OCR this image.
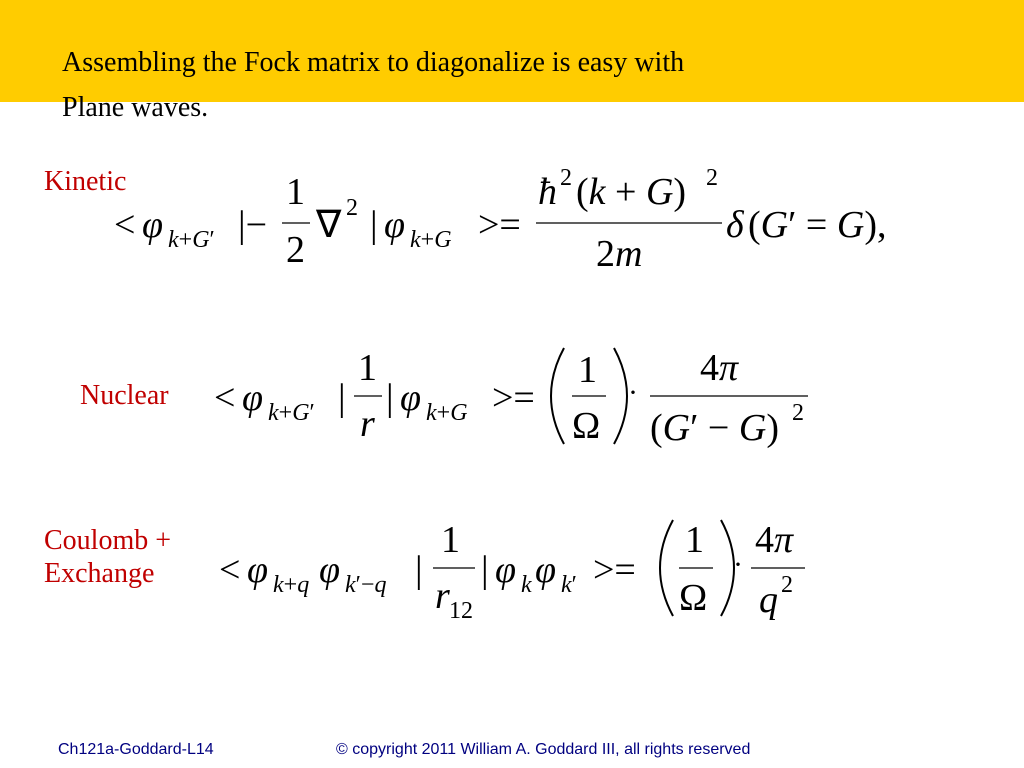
Assembling the Fock matrix to diagonalize is easy with
Plane waves.
Kinetic
< φ k+G′ |−
1
2
∇ 2 | φ k+G >=
ħ 2 (k + G) 2
2m
δ (G′ = G),
Nuclear < φ k+G′ |
1
r
| φ k+G >=
1
Ω
·
4π
(G′ − G) 2
Coulomb +
Exchange	< φ k+q φ k′−q |
1
r 12
| φ k φ k′ >=
1
Ω
·
4π
q 2
Ch121a-Goddard-L14	© copyright 2011 William A. Goddard III, all rights reserved
